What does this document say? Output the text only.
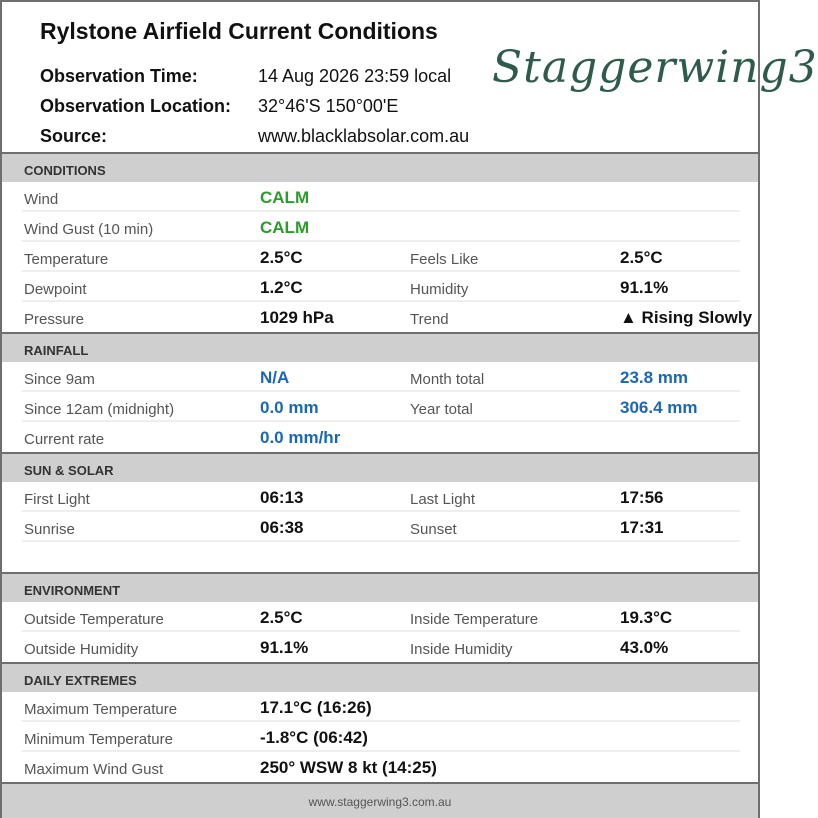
Rylstone Airfield Current Conditions
Observation Time:	14 Aug 2026 23:59 local
Observation Location: 32°46'S 150°00'E
Source:	www.blacklabsolar.com.au
Staggerwing3
CONDITIONS
Wind	CALM
Wind Gust (10 min)	CALM
Temperature	2.5°C	Feels Like	2.5°C
Dewpoint	1.2°C	Humidity	91.1%
Pressure	1029 hPa	Trend	▲ Rising Slowly
RAINFALL
Since 9am	N/A	Month total	23.8 mm
Since 12am (midnight)	0.0 mm	Year total	306.4 mm
Current rate	0.0 mm/hr
SUN & SOLAR
First Light	06:13	Last Light	17:56
Sunrise	06:38	Sunset	17:31
ENVIRONMENT
Outside Temperature	2.5°C	Inside Temperature	19.3°C
Outside Humidity	91.1%	Inside Humidity	43.0%
DAILY EXTREMES
Maximum Temperature	17.1°C (16:26)
Minimum Temperature	-1.8°C (06:42)
Maximum Wind Gust	250° WSW 8 kt (14:25)
www.staggerwing3.com.au
